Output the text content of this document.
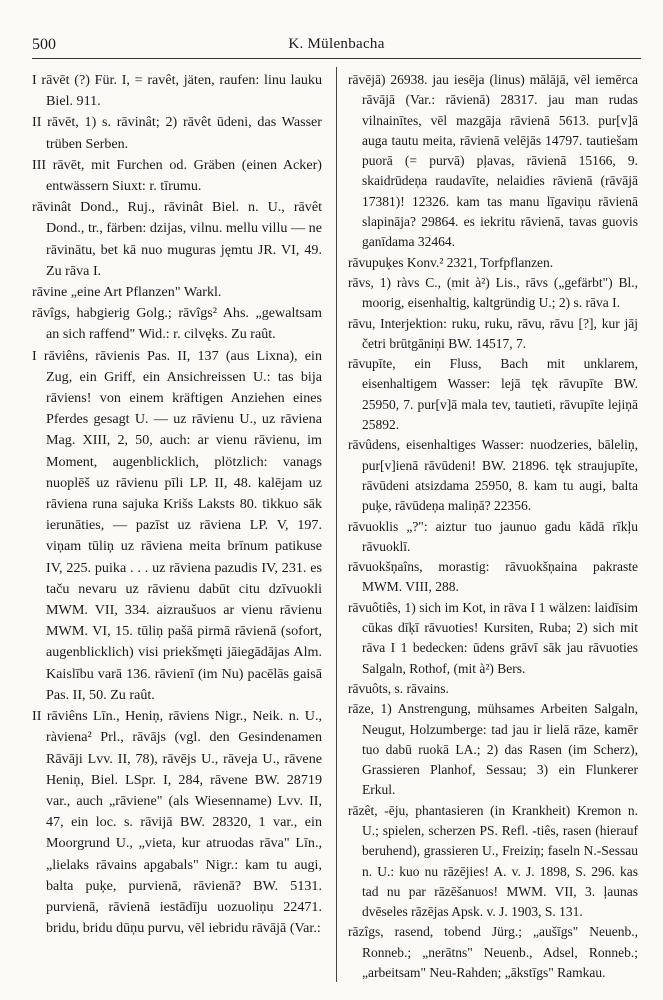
500	K. Mülenbacha
I rāvēt (?) Für. I, = ravêt, jäten, raufen: linu lauku Biel. 911.
II rāvēt, 1) s. rāvinât; 2) rāvêt ūdeni, das Wasser trüben Serben.
III rāvēt, mit Furchen od. Gräben (einen Acker) entwässern Siuxt: r. tīrumu.
rāvinât Dond., Ruj., rāvinât Biel. n. U., rāvêt Dond., tr., färben: dzijas, vilnu. mellu villu — ne rāvinātu, bet kā nuo muguras jęmtu JR. VI, 49. Zu rāva I.
rāvine „eine Art Pflanzen" Warkl.
rāvîgs, habgierig Golg.; rāvîgs² Ahs. „gewaltsam an sich raffend" Wid.: r. cilvęks. Zu raût.
I rāviêns, rāvienis Pas. II, 137 (aus Lixna), ein Zug, ein Griff, ein Ansichreissen U.: tas bija rāviens! von einem kräftigen Anziehen eines Pferdes gesagt U. — uz rāvienu U., uz rāviena Mag. XIII, 2, 50, auch: ar vienu rāvienu, im Moment, augenblicklich, plötzlich: vanags nuoplēš uz rāvienu pīli LP. II, 48. kalējam uz rāviena runa sajuka Krišs Laksts 80. tikkuo sāk ierunāties, — pazīst uz rāviena LP. V, 197. viņam tūliņ uz rāviena meita brīnum patikuse IV, 225. puika . . . uz rāviena pazudis IV, 231. es taču nevaru uz rāvienu dabūt citu dzīvuokli MWM. VII, 334. aizraušuos ar vienu rāvienu MWM. VI, 15. tūliņ pašā pirmā rāvienā (sofort, augenblicklich) visi priekšmęti jāiegādājas Alm. Kaislību varā 136. rāvienī (im Nu) pacēlās gaisā Pas. II, 50. Zu raût.
II rāviêns Līn., Heniņ, rāviens Nigr., Neik. n. U., ràviena² Prl., rāvājs (vgl. den Gesindenamen Rāvāji Lvv. II, 78), rāvējs U., rāveja U., rāvene Heniņ, Biel. LSpr. I, 284, rāvene BW. 28719 var., auch „rāviene" (als Wiesenname) Lvv. II, 47, ein loc. s. rāvijā BW. 28320, 1 var., ein Moorgrund U., „vieta, kur atruodas rāva" Līn., „lielaks rāvains apgabals" Nigr.: kam tu augi, balta puķe, purvienā, rāvienā? BW. 5131. purvienā, rāvienā iestādīju uozuoliņu 22471. bridu, bridu dūņu purvu, vēl iebridu rāvājā (Var.:
rāvējā) 26938. jau iesēja (linus) mālājā, vēl iemērca rāvājā (Var.: rāvienā) 28317. jau man rudas vilnainītes, vēl mazgāja rāvienā 5613. pur[v]ā auga tautu meita, rāvienā velējās 14797. tautiešam puorā (= purvā) pļavas, rāvienā 15166, 9. skaidrūdeņa raudavīte, nelaidies rāvienā (rāvājā 17381)! 12326. kam tas manu līgaviņu rāvienā slapināja? 29864. es iekritu rāvienā, tavas guovis ganīdama 32464.
rāvupuķes Konv.² 2321, Torfpflanzen.
rāvs, 1) ràvs C., (mit à²) Lis., rāvs („gefärbt") Bl., moorig, eisenhaltig, kaltgründig U.; 2) s. rāva I.
rāvu, Interjektion: ruku, ruku, rāvu, rāvu [?], kur jāj četri brūtgāniņi BW. 14517, 7.
rāvupīte, ein Fluss, Bach mit unklarem, eisenhaltigem Wasser: lejā tęk rāvupīte BW. 25950, 7. pur[v]ā mala tev, tautieti, rāvupīte lejiņā 25892.
rāvûdens, eisenhaltiges Wasser: nuodzeries, bāleliņ, pur[v]ienā rāvūdeni! BW. 21896. tęk straujupīte, rāvūdeni atsizdama 25950, 8. kam tu augi, balta puķe, rāvūdeņa maliņā? 22356.
rāvuoklis „?": aiztur tuo jaunuo gadu kādā rīkļu rāvuoklī.
rāvuokšņaîns, morastig: rāvuokšņaina pakraste MWM. VIII, 288.
rāvuôtiês, 1) sich im Kot, in rāva I 1 wälzen: laidīsim cūkas dīķī rāvuoties! Kursiten, Ruba; 2) sich mit rāva I 1 bedecken: ūdens grāvī sāk jau rāvuoties Salgaln, Rothof, (mit à²) Bers.
rāvuôts, s. rāvains.
rāze, 1) Anstrengung, mühsames Arbeiten Salgaln, Neugut, Holzumberge: tad jau ir lielā rāze, kamēr tuo dabū ruokā LA.; 2) das Rasen (im Scherz), Grassieren Planhof, Sessau; 3) ein Flunkerer Erkul.
rāzêt, -ēju, phantasieren (in Krankheit) Kremon n. U.; spielen, scherzen PS. Refl. -tiês, rasen (hierauf beruhend), grassieren U., Freiziņ; faseln N.-Sessau n. U.: kuo nu rāzējies! A. v. J. 1898, S. 296. kas tad nu par rāzēšanuos! MWM. VII, 3. ļaunas dvēseles rāzējas Apsk. v. J. 1903, S. 131.
rāzîgs, rasend, tobend Jürg.; „aušīgs" Neuenb., Ronneb.; „nerātns" Neuenb., Adsel, Ronneb.; „arbeitsam" Neu-Rahden; „ākstīgs" Ramkau.
